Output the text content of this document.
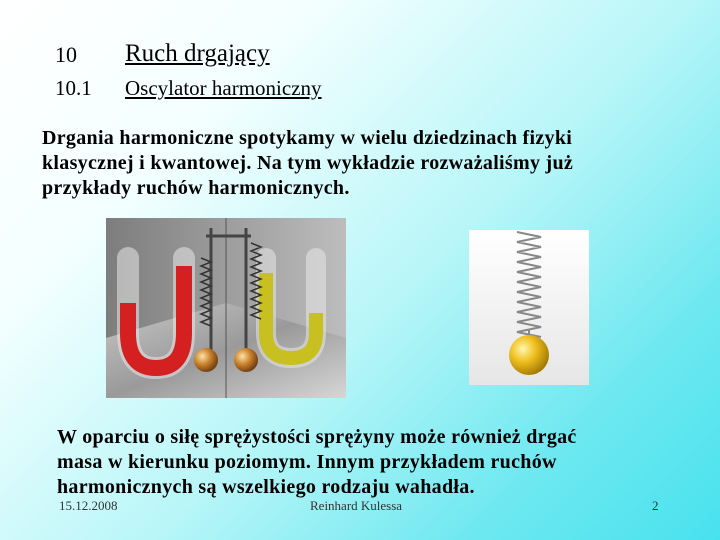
10 Ruch drgający
10.1 Oscylator harmoniczny
Drgania harmoniczne spotykamy w wielu dziedzinach fizyki
klasycznej i kwantowej. Na tym wykładzie rozważaliśmy już
przykłady ruchów harmonicznych.
W oparciu o siłę sprężystości sprężyny może również drgać
masa w kierunku poziomym. Innym przykładem ruchów
harmonicznych są wszelkiego rodzaju wahadła.
15.12.2008	Reinhard Kulessa	2
